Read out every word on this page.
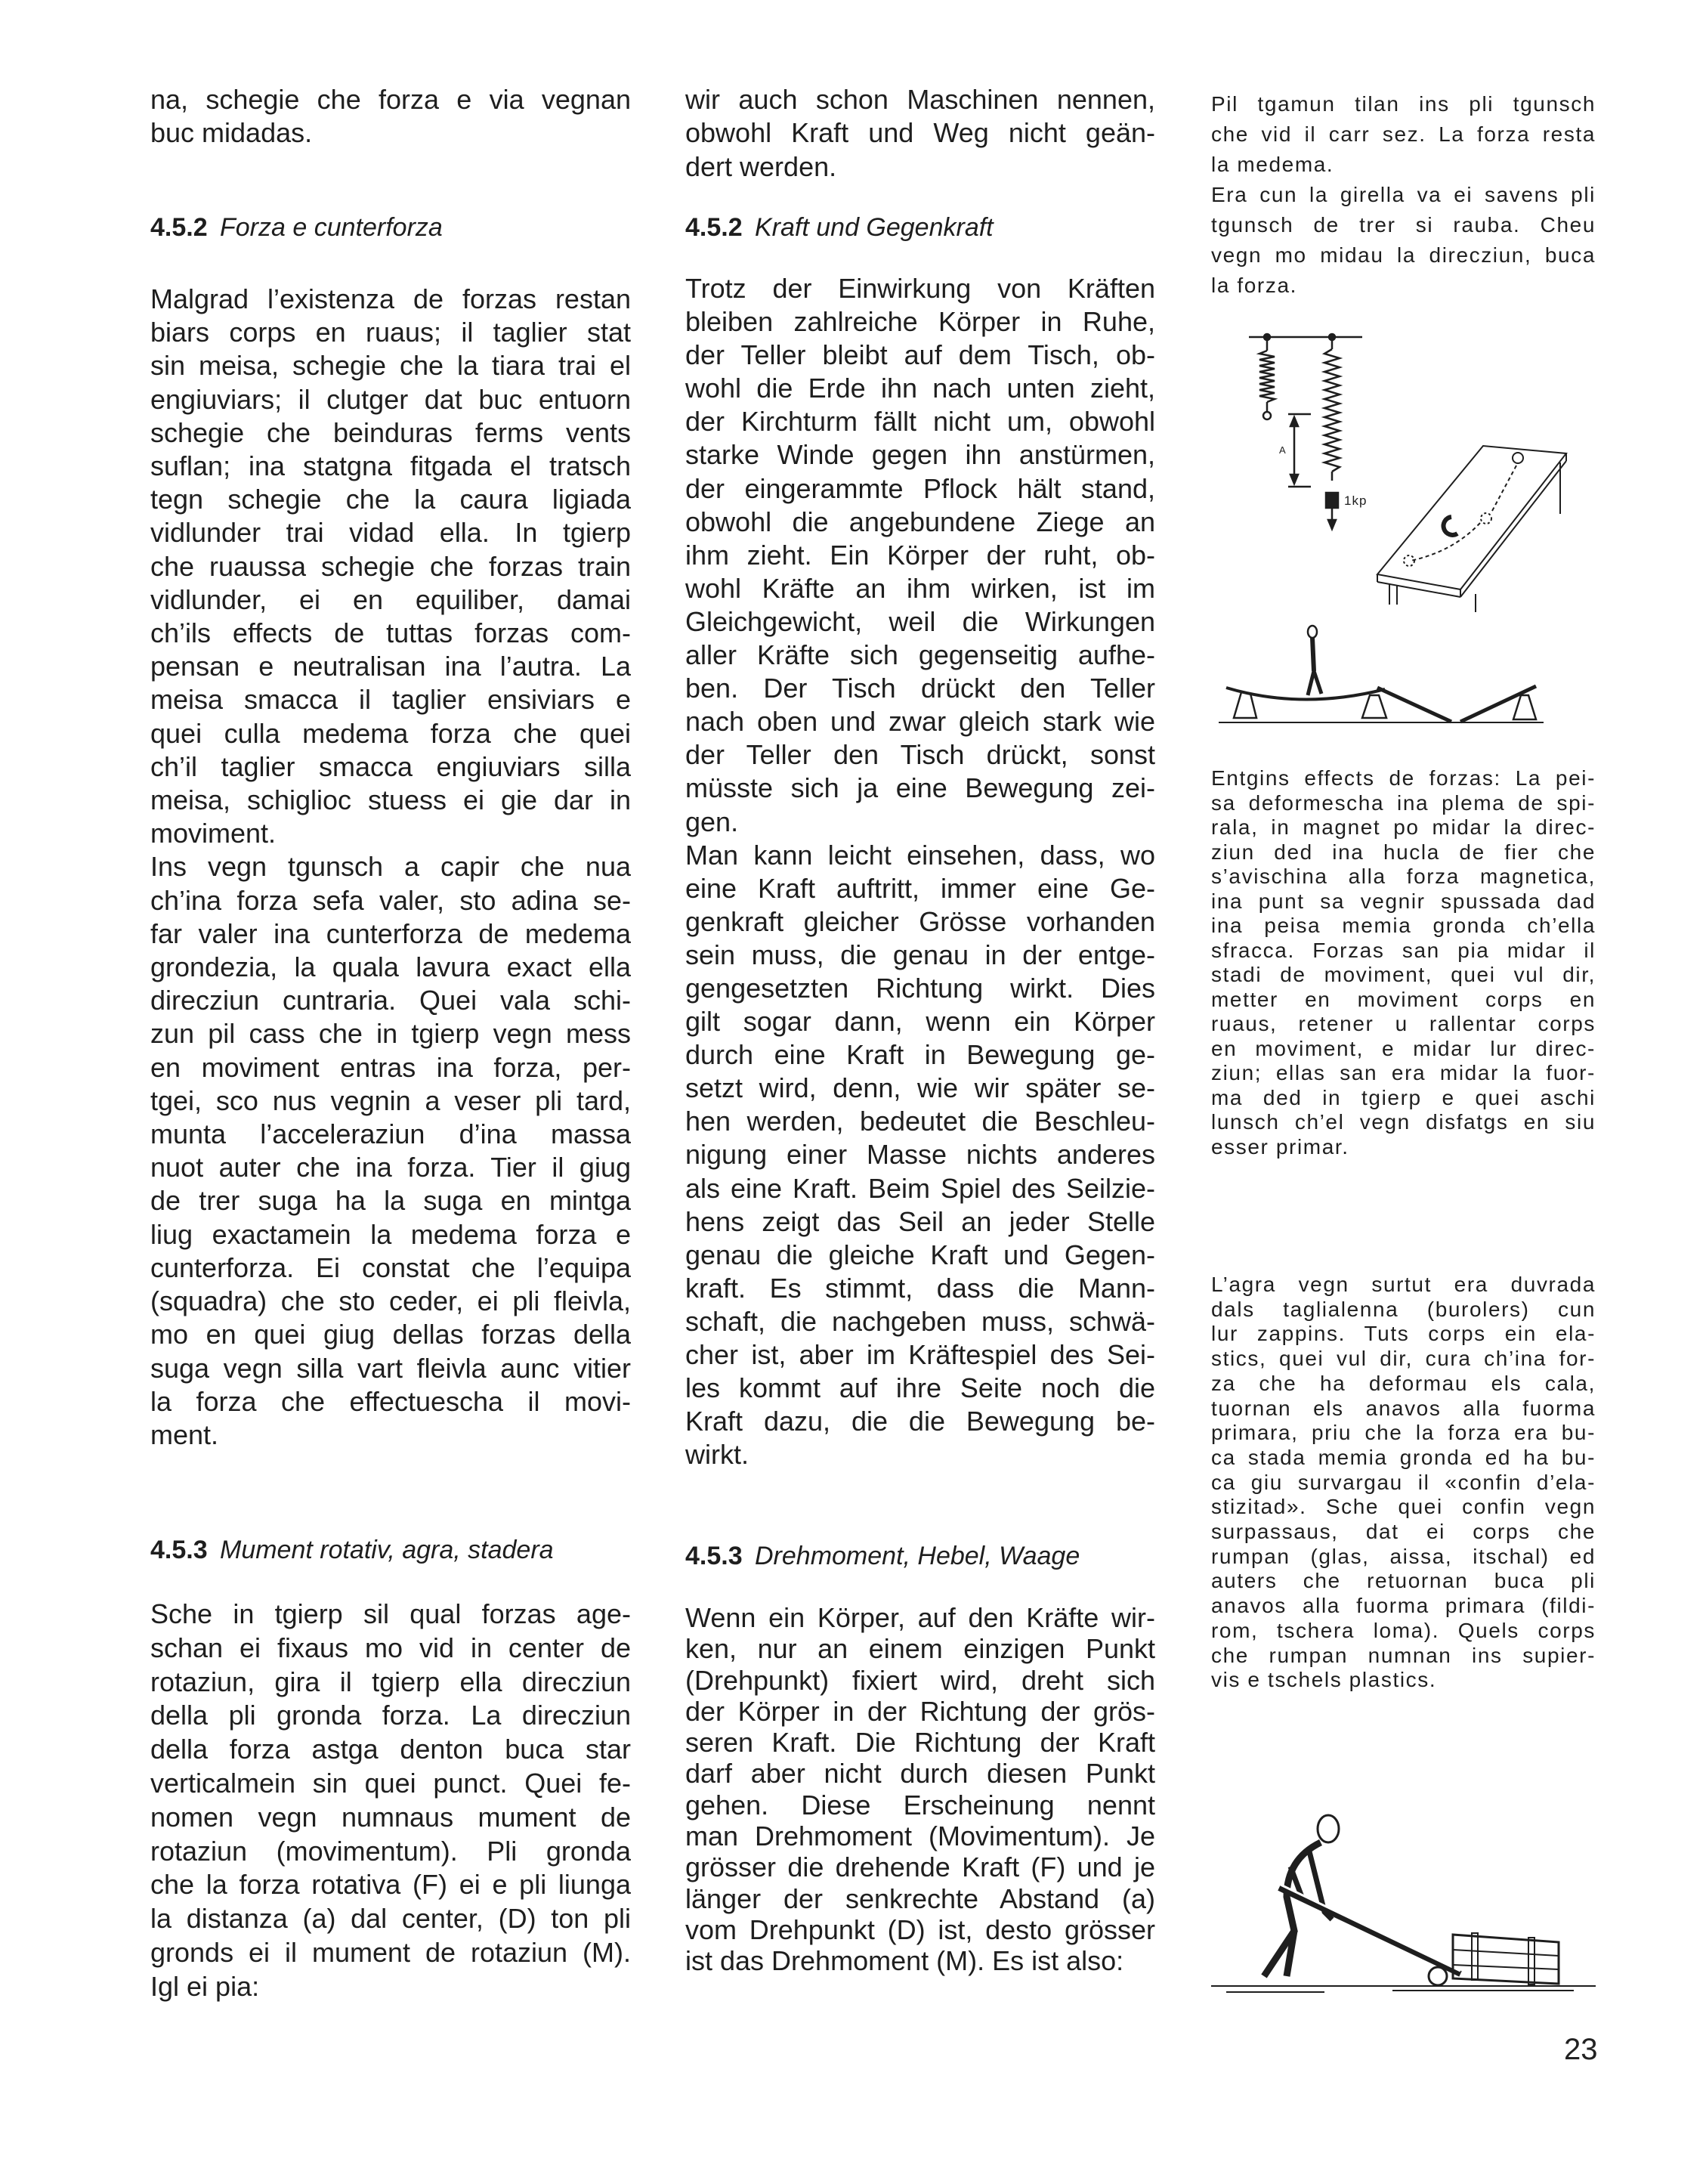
na, schegie che forza e via vegnan
buc midadas.
4.5.2 Forza e cunterforza
Malgrad l’existenza de forzas restan
biars corps en ruaus; il taglier stat
sin meisa, schegie che la tiara trai el
engiuviars; il clutger dat buc entuorn
schegie che beinduras ferms vents
suflan; ina statgna fitgada el tratsch
tegn schegie che la caura ligiada
vidlunder trai vidad ella. In tgierp
che ruaussa schegie che forzas train
vidlunder, ei en equiliber, damai
ch’ils effects de tuttas forzas com-
pensan e neutralisan ina l’autra. La
meisa smacca il taglier ensiviars e
quei culla medema forza che quei
ch’il taglier smacca engiuviars silla
meisa, schiglioc stuess ei gie dar in
moviment.
Ins vegn tgunsch a capir che nua
ch’ina forza sefa valer, sto adina se-
far valer ina cunterforza de medema
grondezia, la quala lavura exact ella
direcziun cuntraria. Quei vala schi-
zun pil cass che in tgierp vegn mess
en moviment entras ina forza, per-
tgei, sco nus vegnin a veser pli tard,
munta l’acceleraziun d’ina massa
nuot auter che ina forza. Tier il giug
de trer suga ha la suga en mintga
liug exactamein la medema forza e
cunterforza. Ei constat che l’equipa
(squadra) che sto ceder, ei pli fleivla,
mo en quei giug dellas forzas della
suga vegn silla vart fleivla aunc vitier
la forza che effectuescha il movi-
ment.
4.5.3 Mument rotativ, agra, stadera
Sche in tgierp sil qual forzas age-
schan ei fixaus mo vid in center de
rotaziun, gira il tgierp ella direcziun
della pli gronda forza. La direcziun
della forza astga denton buca star
verticalmein sin quei punct. Quei fe-
nomen vegn numnaus mument de
rotaziun (movimentum). Pli gronda
che la forza rotativa (F) ei e pli liunga
la distanza (a) dal center, (D) ton pli
gronds ei il mument de rotaziun (M).
Igl ei pia:
wir auch schon Maschinen nennen,
obwohl Kraft und Weg nicht geän-
dert werden.
4.5.2 Kraft und Gegenkraft
Trotz der Einwirkung von Kräften
bleiben zahlreiche Körper in Ruhe,
der Teller bleibt auf dem Tisch, ob-
wohl die Erde ihn nach unten zieht,
der Kirchturm fällt nicht um, obwohl
starke Winde gegen ihn anstürmen,
der eingerammte Pflock hält stand,
obwohl die angebundene Ziege an
ihm zieht. Ein Körper der ruht, ob-
wohl Kräfte an ihm wirken, ist im
Gleichgewicht, weil die Wirkungen
aller Kräfte sich gegenseitig aufhe-
ben. Der Tisch drückt den Teller
nach oben und zwar gleich stark wie
der Teller den Tisch drückt, sonst
müsste sich ja eine Bewegung zei-
gen.
Man kann leicht einsehen, dass, wo
eine Kraft auftritt, immer eine Ge-
genkraft gleicher Grösse vorhanden
sein muss, die genau in der entge-
gengesetzten Richtung wirkt. Dies
gilt sogar dann, wenn ein Körper
durch eine Kraft in Bewegung ge-
setzt wird, denn, wie wir später se-
hen werden, bedeutet die Beschleu-
nigung einer Masse nichts anderes
als eine Kraft. Beim Spiel des Seilzie-
hens zeigt das Seil an jeder Stelle
genau die gleiche Kraft und Gegen-
kraft. Es stimmt, dass die Mann-
schaft, die nachgeben muss, schwä-
cher ist, aber im Kräftespiel des Sei-
les kommt auf ihre Seite noch die
Kraft dazu, die die Bewegung be-
wirkt.
4.5.3 Drehmoment, Hebel, Waage
Wenn ein Körper, auf den Kräfte wir-
ken, nur an einem einzigen Punkt
(Drehpunkt) fixiert wird, dreht sich
der Körper in der Richtung der grös-
seren Kraft. Die Richtung der Kraft
darf aber nicht durch diesen Punkt
gehen. Diese Erscheinung nennt
man Drehmoment (Movimentum). Je
grösser die drehende Kraft (F) und je
länger der senkrechte Abstand (a)
vom Drehpunkt (D) ist, desto grösser
ist das Drehmoment (M). Es ist also:
Pil tgamun tilan ins pli tgunsch
che vid il carr sez. La forza resta
la medema.
Era cun la girella va ei savens pli
tgunsch de trer si rauba. Cheu
vegn mo midau la direcziun, buca
la forza.
A
1kp
Entgins effects de forzas: La pei-
sa deformescha ina plema de spi-
rala, in magnet po midar la direc-
ziun ded ina hucla de fier che
s’avischina alla forza magnetica,
ina punt sa vegnir spussada dad
ina peisa memia gronda ch’ella
sfracca. Forzas san pia midar il
stadi de moviment, quei vul dir,
metter en moviment corps en
ruaus, retener u rallentar corps
en moviment, e midar lur direc-
ziun; ellas san era midar la fuor-
ma ded in tgierp e quei aschi
lunsch ch’el vegn disfatgs en siu
esser primar.
L’agra vegn surtut era duvrada
dals taglialenna (burolers) cun
lur zappins. Tuts corps ein ela-
stics, quei vul dir, cura ch’ina for-
za che ha deformau els cala,
tuornan els anavos alla fuorma
primara, priu che la forza era bu-
ca stada memia gronda ed ha bu-
ca giu survargau il «confin d’ela-
stizitad». Sche quei confin vegn
surpassaus, dat ei corps che
rumpan (glas, aissa, itschal) ed
auters che retuornan buca pli
anavos alla fuorma primara (fildi-
rom, tschera loma). Quels corps
che rumpan numnan ins supier-
vis e tschels plastics.
23
